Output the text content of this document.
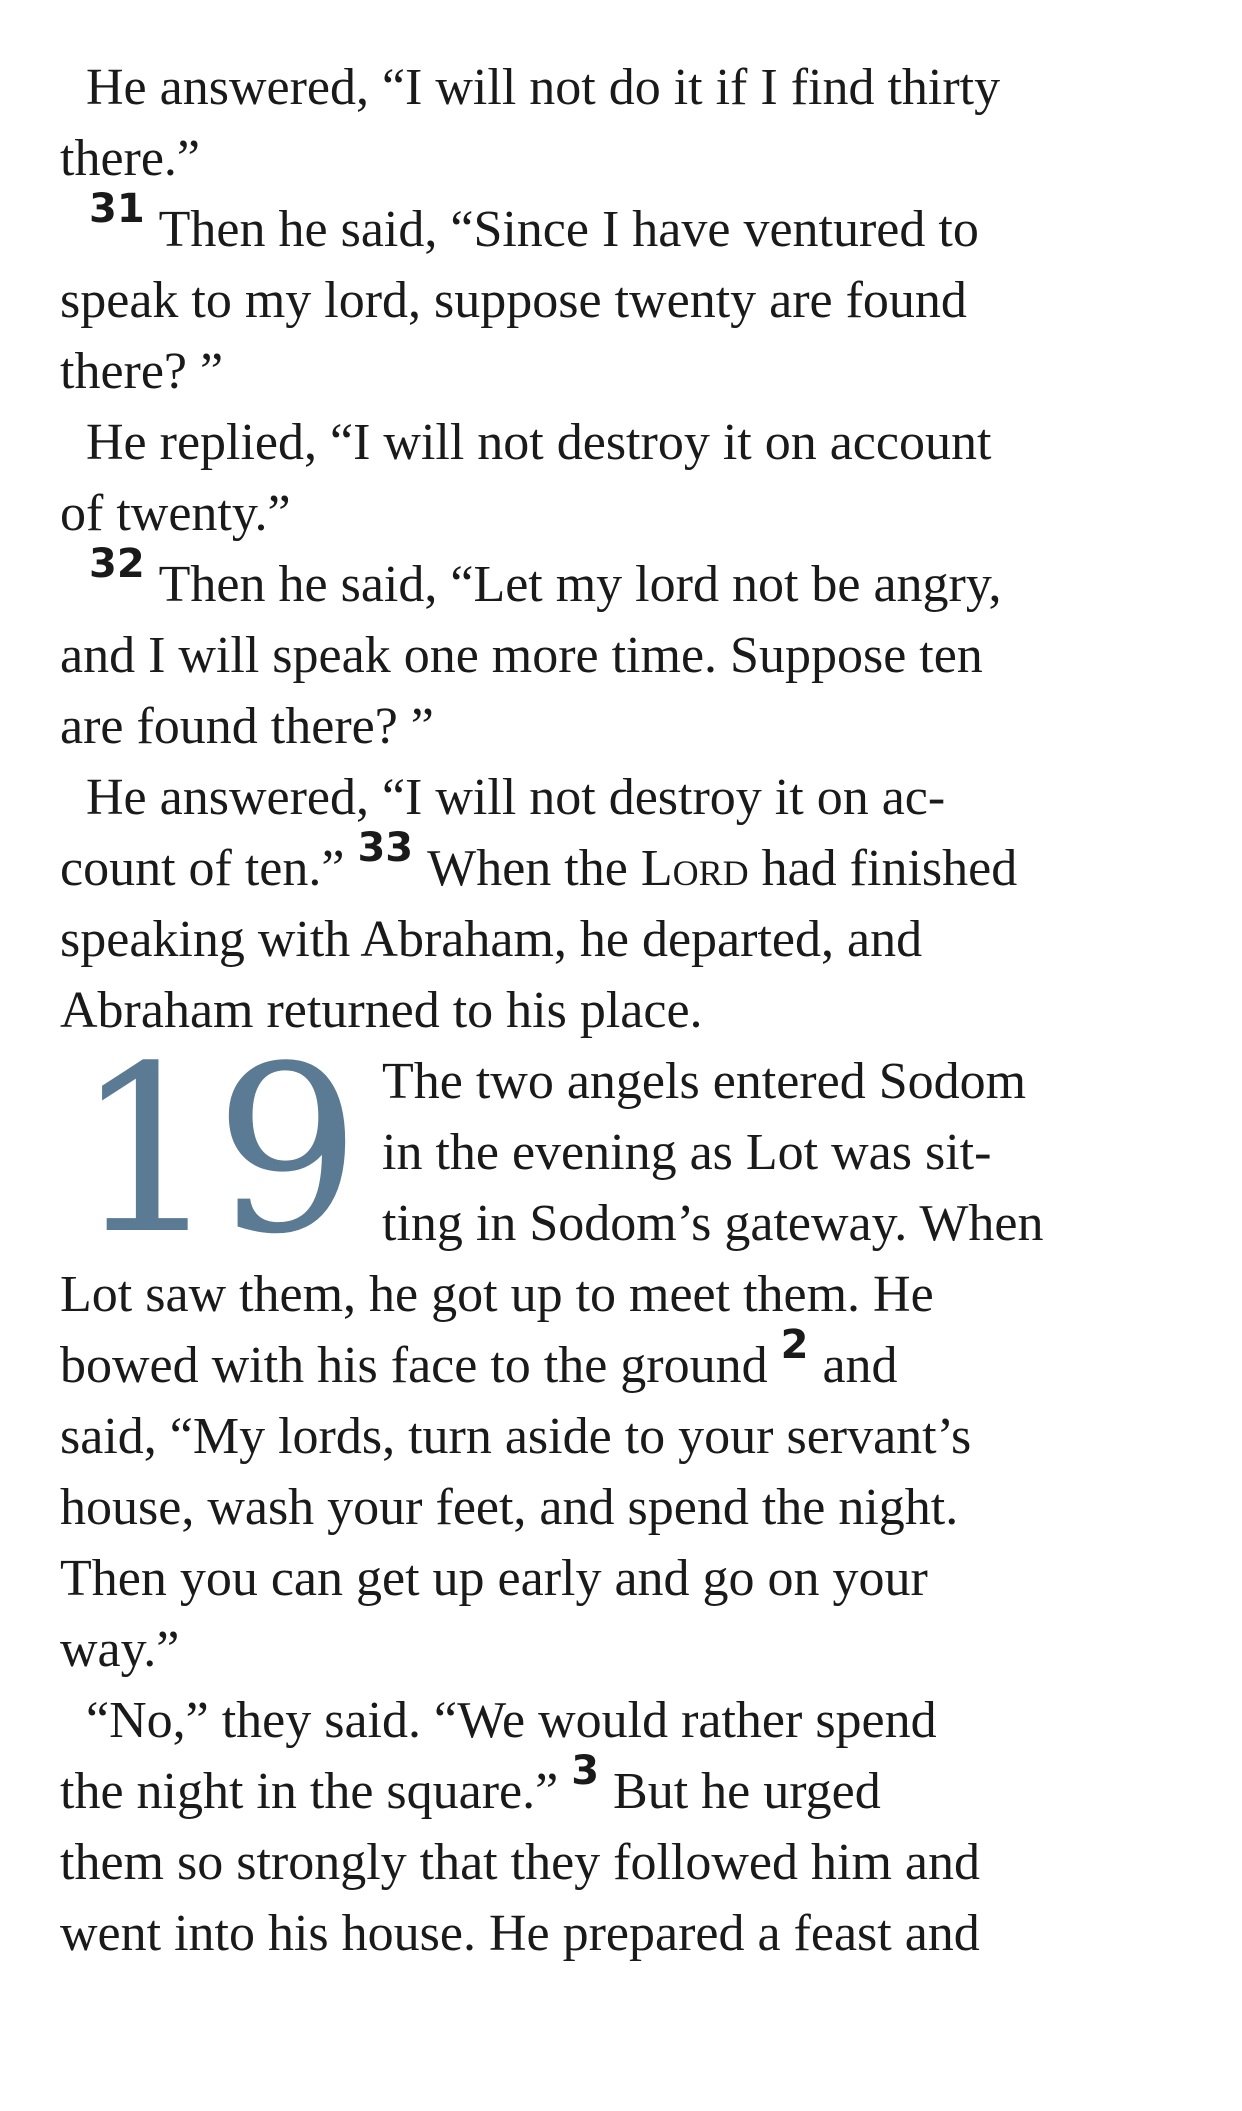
He answered, “I will not do it if I find thirty
there.”
$^{31}$ Then he said, “Since I have ventured to
speak to my lord, suppose twenty are found
there? ”
He replied, “I will not destroy it on account
of twenty.”
$^{32}$ Then he said, “Let my lord not be angry,
and I will speak one more time. Suppose ten
are found there? ”
He answered, “I will not destroy it on ac-
count of ten.” $^{33}$ When the Lord had finished
speaking with Abraham, he departed, and
Abraham returned to his place.
19 The two angels entered Sodom
in the evening as Lot was sit-
ting in Sodom’s gateway. When
Lot saw them, he got up to meet them. He
bowed with his face to the ground $^2$ and
said, “My lords, turn aside to your servant’s
house, wash your feet, and spend the night.
Then you can get up early and go on your
way.”
“No,” they said. “We would rather spend
the night in the square.” $^3$ But he urged
them so strongly that they followed him and
went into his house. He prepared a feast and
